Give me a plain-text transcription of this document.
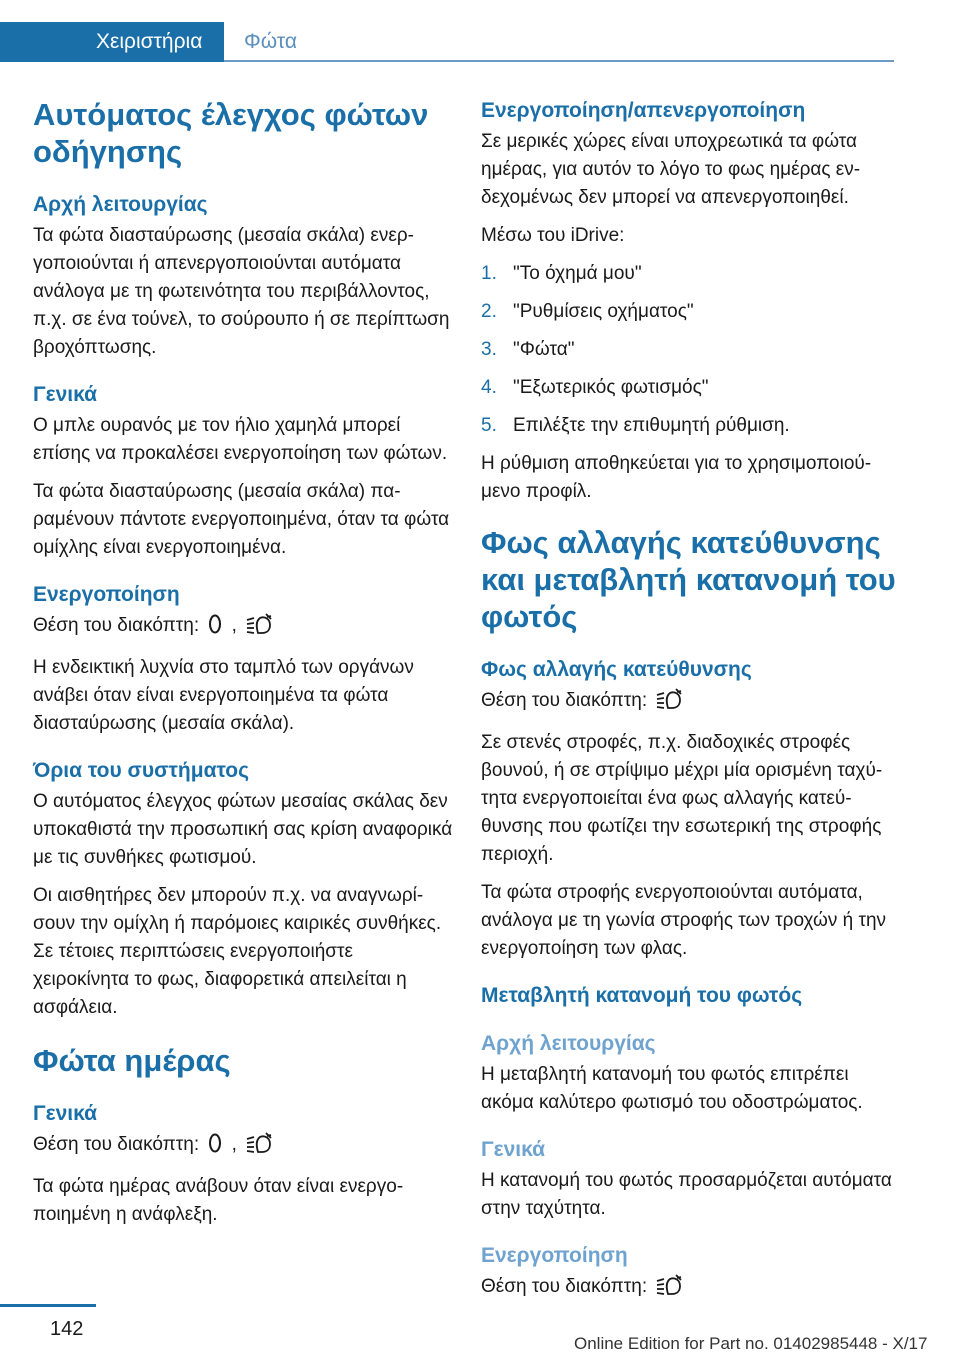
Χειριστήρια	Φώτα
Αυτόματος έλεγχος φώτων οδήγησης
Αρχή λειτουργίας

Τα φώτα διασταύρωσης (μεσαία σκάλα) ενεργοποιούνται ή απενεργοποιούνται αυτόματα ανάλογα με τη φωτεινότητα του περιβάλλοντος, π.χ. σε ένα τούνελ, το σούρουπο ή σε περίπτωση βροχόπτωσης.

Γενικά

Ο μπλε ουρανός με τον ήλιο χαμηλά μπορεί επίσης να προκαλέσει ενεργοποίηση των φώτων.

Τα φώτα διασταύρωσης (μεσαία σκάλα) παραμένουν πάντοτε ενεργοποιημένα, όταν τα φώτα ομίχλης είναι ενεργοποιημένα.

Ενεργοποίηση

Θέση του διακόπτη: ,

Η ενδεικτική λυχνία στο ταμπλό των οργάνων ανάβει όταν είναι ενεργοποιημένα τα φώτα διασταύρωσης (μεσαία σκάλα).

Όρια του συστήματος

Ο αυτόματος έλεγχος φώτων μεσαίας σκάλας δεν υποκαθιστά την προσωπική σας κρίση αναφορικά με τις συνθήκες φωτισμού.

Οι αισθητήρες δεν μπορούν π.χ. να αναγνωρίσουν την ομίχλη ή παρόμοιες καιρικές συνθήκες. Σε τέτοιες περιπτώσεις ενεργοποιήστε χειροκίνητα το φως, διαφορετικά απειλείται η ασφάλεια.

Φώτα ημέρας
Γενικά

Θέση του διακόπτη: ,

Τα φώτα ημέρας ανάβουν όταν είναι ενεργοποιημένη η ανάφλεξη.

Ενεργοποίηση/απενεργοποίηση

Σε μερικές χώρες είναι υποχρεωτικά τα φώτα ημέρας, για αυτόν το λόγο το φως ημέρας ενδεχομένως δεν μπορεί να απενεργοποιηθεί.

Μέσω του iDrive:

1. "Το όχημά μου"
2. "Ρυθμίσεις οχήματος"
3. "Φώτα"
4. "Εξωτερικός φωτισμός"
5. Επιλέξτε την επιθυμητή ρύθμιση.

Η ρύθμιση αποθηκεύεται για το χρησιμοποιούμενο προφίλ.

Φως αλλαγής κατεύθυνσης και μεταβλητή κατανομή του φωτός
Φως αλλαγής κατεύθυνσης

Θέση του διακόπτη:

Σε στενές στροφές, π.χ. διαδοχικές στροφές βουνού, ή σε στρίψιμο μέχρι μία ορισμένη ταχύτητα ενεργοποιείται ένα φως αλλαγής κατεύθυνσης που φωτίζει την εσωτερική της στροφής περιοχή.

Τα φώτα στροφής ενεργοποιούνται αυτόματα, ανάλογα με τη γωνία στροφής των τροχών ή την ενεργοποίηση των φλας.

Μεταβλητή κατανομή του φωτός
Αρχή λειτουργίας

Η μεταβλητή κατανομή του φωτός επιτρέπει ακόμα καλύτερο φωτισμό του οδοστρώματος.

Γενικά

Η κατανομή του φωτός προσαρμόζεται αυτόματα στην ταχύτητα.

Ενεργοποίηση

Θέση του διακόπτη:

142
Online Edition for Part no. 01402985448 - X/17
